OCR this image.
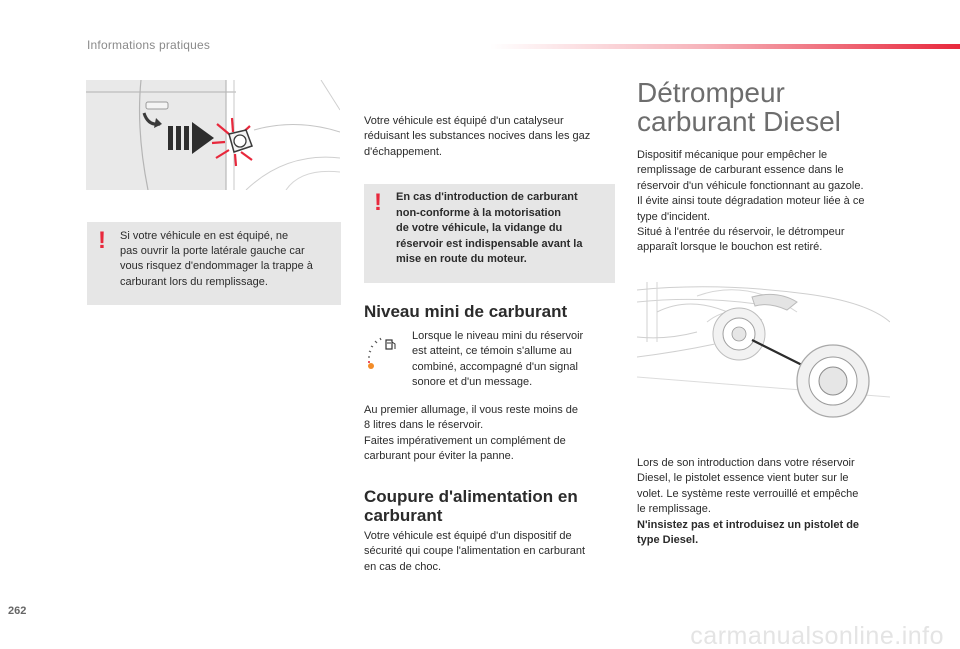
Informations pratiques
! Si votre véhicule en est équipé, ne
pas ouvrir la porte latérale gauche car
vous risquez d'endommager la trappe à
carburant lors du remplissage.
Votre véhicule est équipé d'un catalyseur
réduisant les substances nocives dans les gaz
d'échappement.
! En cas d'introduction de carburant
non-conforme à la motorisation
de votre véhicule, la vidange du
réservoir est indispensable avant la
mise en route du moteur.
Niveau mini de carburant
Lorsque le niveau mini du réservoir
est atteint, ce témoin s'allume au
combiné, accompagné d'un signal
sonore et d'un message.
Au premier allumage, il vous reste moins de
8 litres dans le réservoir.
Faites impérativement un complément de
carburant pour éviter la panne.
Coupure d'alimentation en
carburant
Votre véhicule est équipé d'un dispositif de
sécurité qui coupe l'alimentation en carburant
en cas de choc.
Détrompeur
carburant Diesel
Dispositif mécanique pour empêcher le
remplissage de carburant essence dans le
réservoir d'un véhicule fonctionnant au gazole.
Il évite ainsi toute dégradation moteur liée à ce
type d'incident.
Situé à l'entrée du réservoir, le détrompeur
apparaît lorsque le bouchon est retiré.
Lors de son introduction dans votre réservoir
Diesel, le pistolet essence vient buter sur le
volet. Le système reste verrouillé et empêche
le remplissage.
N'insistez pas et introduisez un pistolet de
type Diesel.
262
carmanualsonline.info
